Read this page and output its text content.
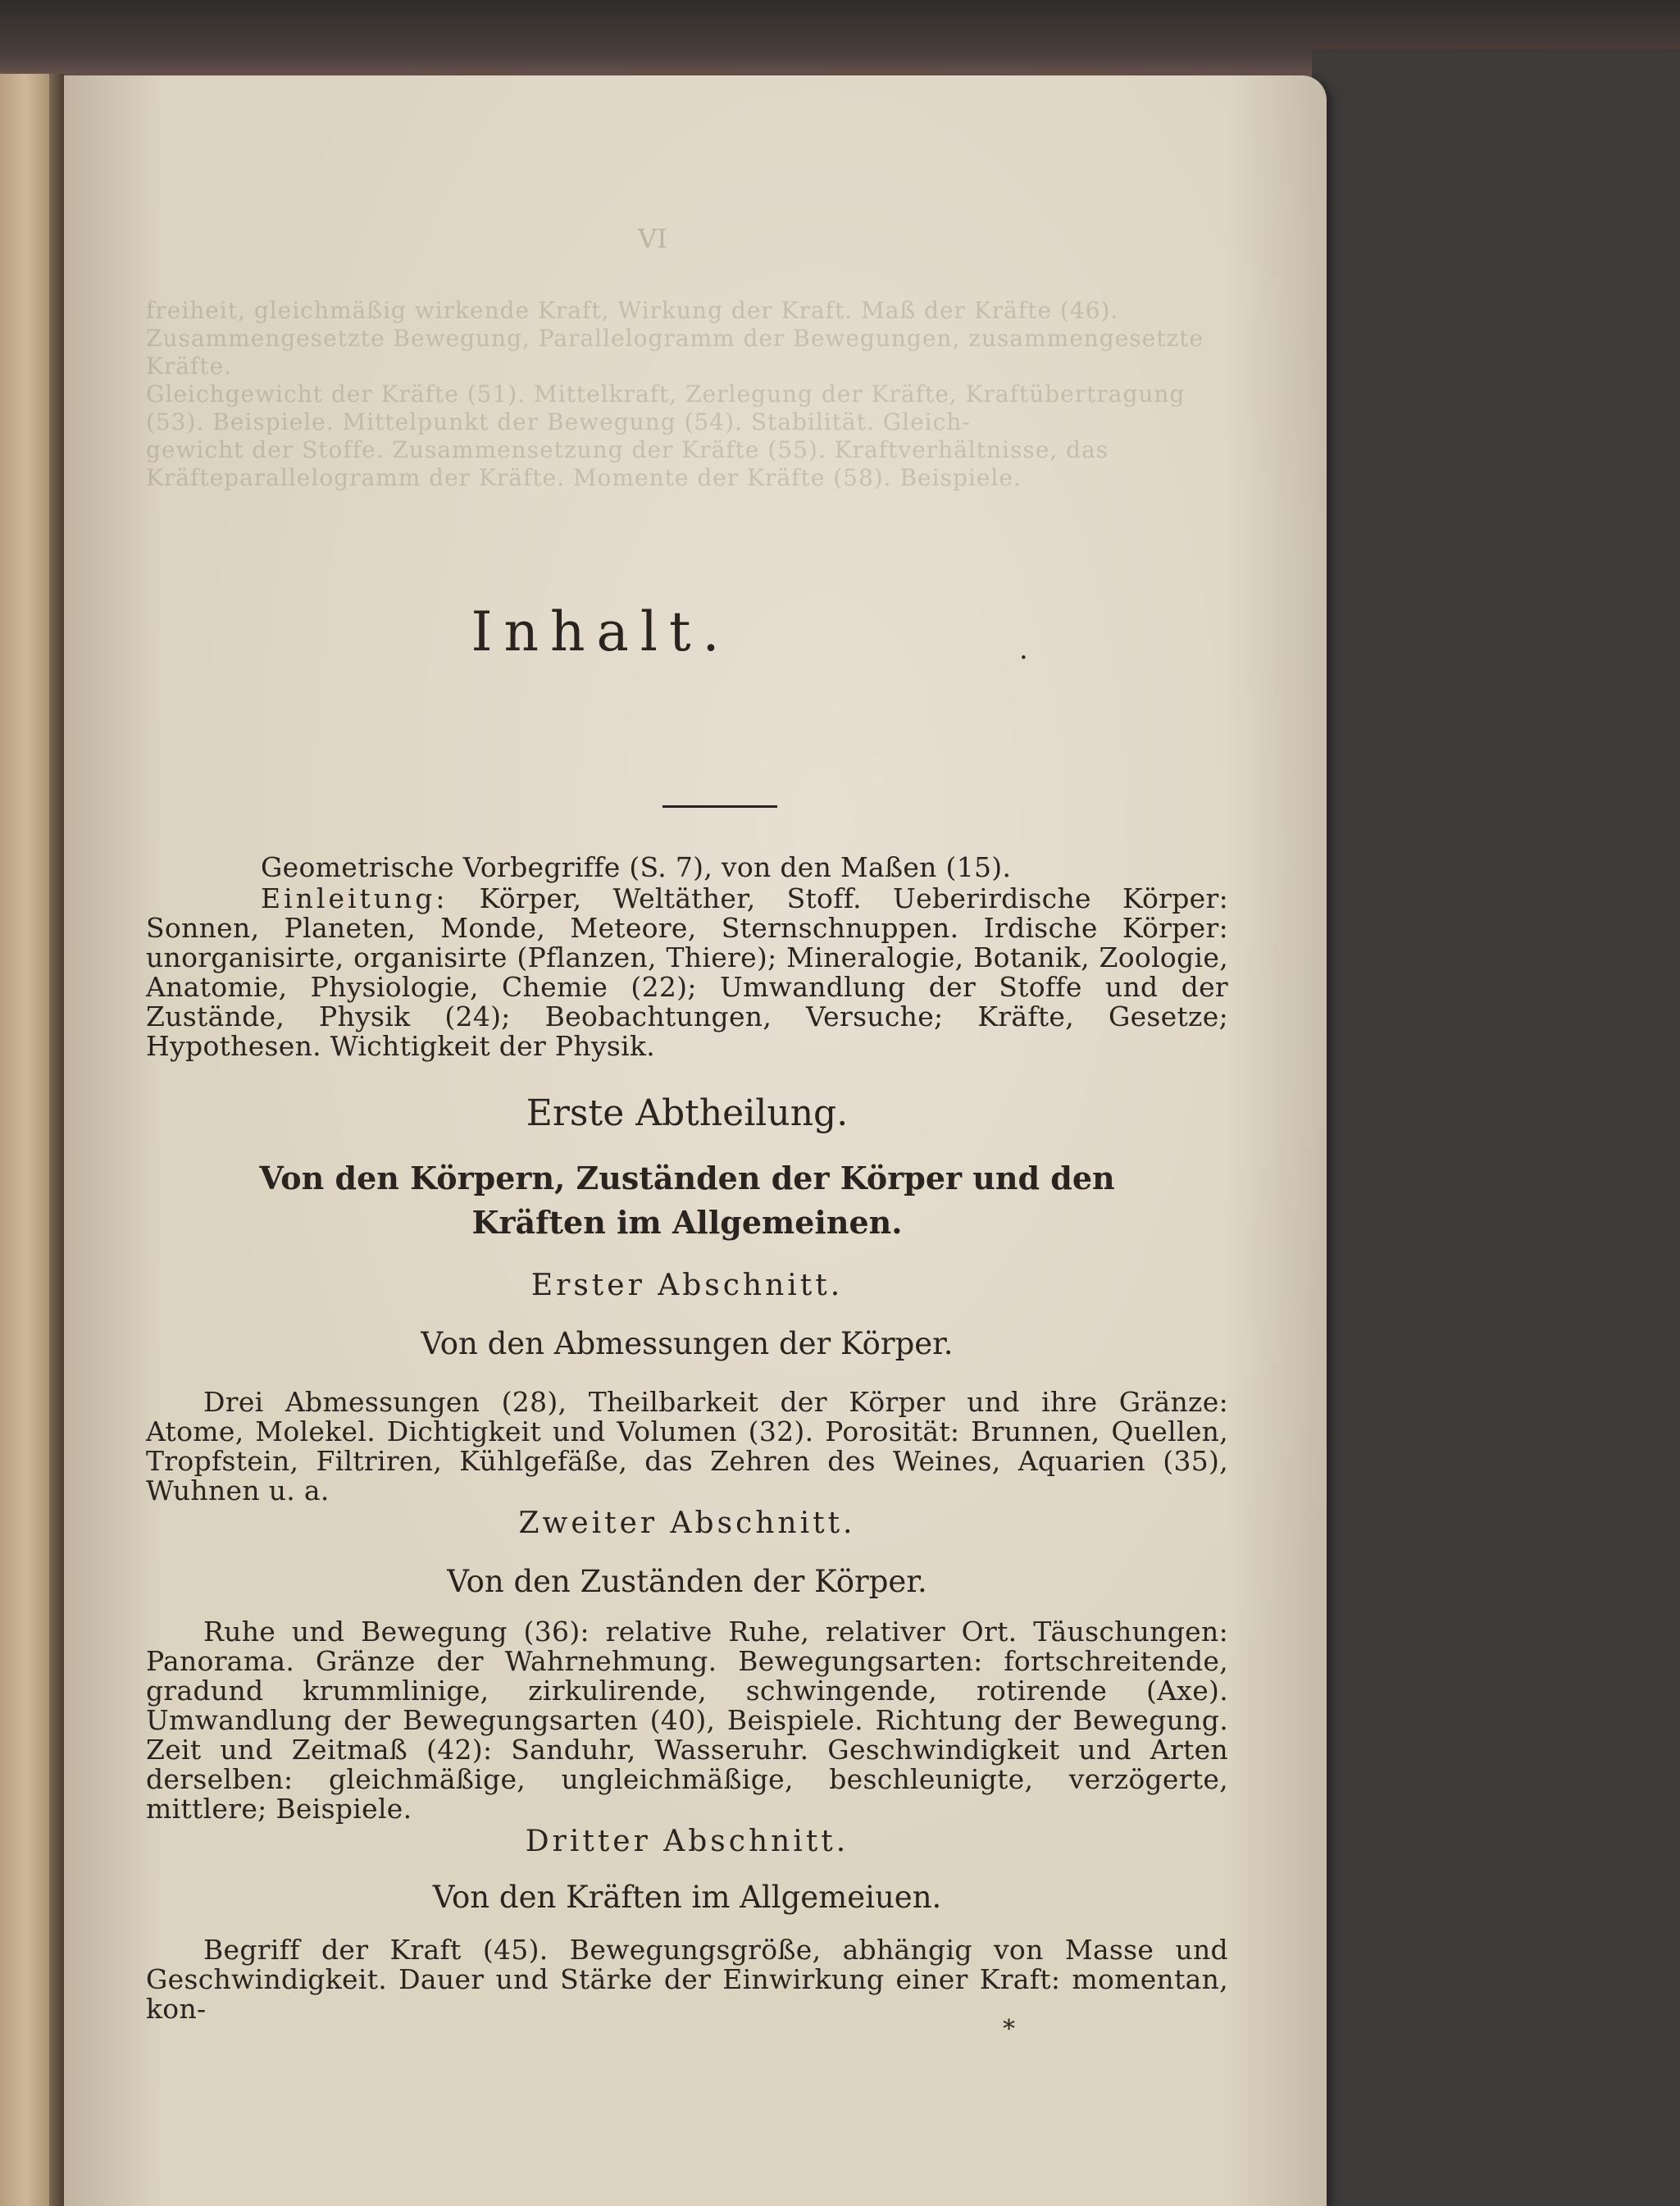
VI

freiheit, gleichmäßig wirkende Kraft, Wirkung der Kraft. Maß der Kräfte (46).

Zusammengesetzte Bewegung, Parallelogramm der Bewegungen, zusammengesetzte Kräfte.

Gleichgewicht der Kräfte (51). Mittelkraft, Zerlegung der Kräfte, Kraftübertragung

(53). Beispiele. Mittelpunkt der Bewegung (54). Stabilität. Gleich-

gewicht der Stoffe. Zusammensetzung der Kräfte (55). Kraftverhältnisse, das

Kräfteparallelogramm der Kräfte. Momente der Kräfte (58). Beispiele.

Inhalt.	·

Geometrische Vorbegriffe (S. 7), von den Maßen (15).

Einleitung: Körper, Weltäther, Stoff. Ueberirdische Körper: Sonnen, Planeten, Monde, Meteore, Sternschnuppen. Irdische Körper: unorganisirte, organisirte (Pflanzen, Thiere); Mineralogie, Botanik, Zoologie, Anatomie, Physiologie, Chemie (22); Umwandlung der Stoffe und der Zustände, Physik (24); Beobachtungen, Versuche; Kräfte, Gesetze; Hypothesen. Wichtigkeit der Physik.

Erste Abtheilung.

Von den Körpern, Zuständen der Körper und den Kräften im Allgemeinen.

Erster Abschnitt.

Von den Abmessungen der Körper.

Drei Abmessungen (28), Theilbarkeit der Körper und ihre Gränze: Atome, Molekel. Dichtigkeit und Volumen (32). Porosität: Brunnen, Quellen, Tropfstein, Filtriren, Kühlgefäße, das Zehren des Weines, Aquarien (35), Wuhnen u. a.

Zweiter Abschnitt.

Von den Zuständen der Körper.

Ruhe und Bewegung (36): relative Ruhe, relativer Ort. Täuschungen: Panorama. Gränze der Wahrnehmung. Bewegungsarten: fortschreitende, gradund krummlinige, zirkulirende, schwingende, rotirende (Axe). Umwandlung der Bewegungsarten (40), Beispiele. Richtung der Bewegung. Zeit und Zeitmaß (42): Sanduhr, Wasseruhr. Geschwindigkeit und Arten derselben: gleichmäßige, ungleichmäßige, beschleunigte, verzögerte, mittlere; Beispiele.

Dritter Abschnitt.

Von den Kräften im Allgemeiuen.

Begriff der Kraft (45). Bewegungsgröße, abhängig von Masse und Geschwindigkeit. Dauer und Stärke der Einwirkung einer Kraft: momentan, kon-

*
